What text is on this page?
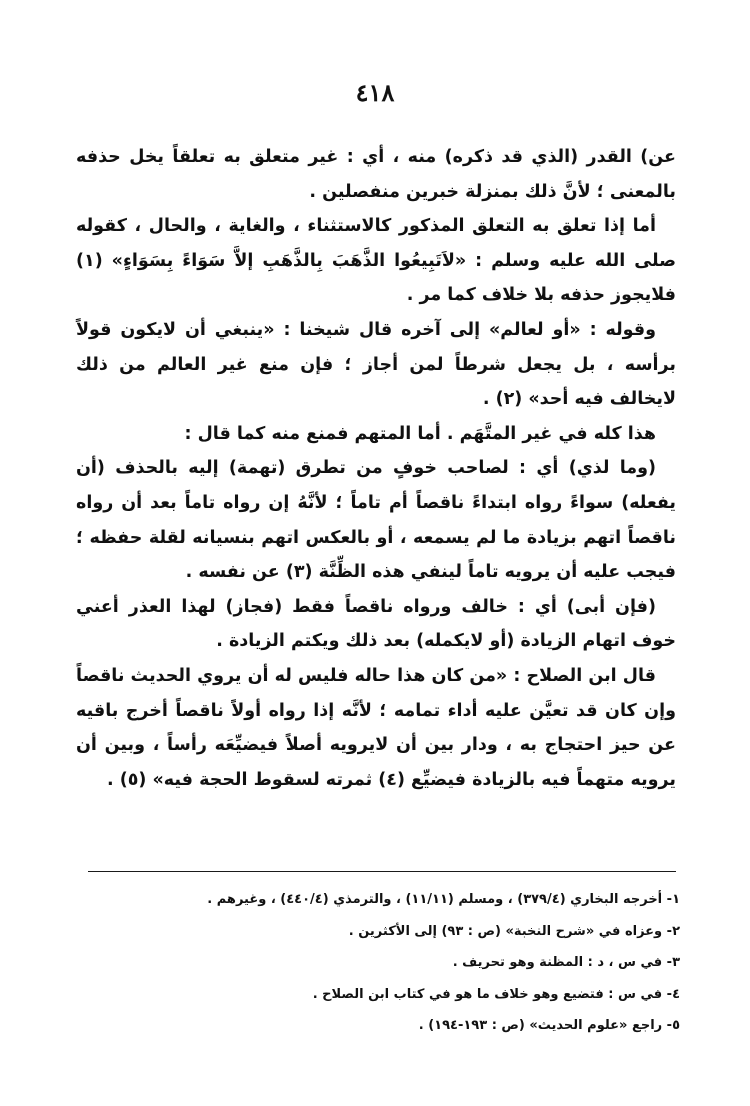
٤١٨
عن) القدر (الذي قد ذكره) منه ، أي : غير متعلق به تعلقاً يخل حذفه بالمعنى ؛ لأنَّ ذلك بمنزلة خبرين منفصلين .
أما إذا تعلق به التعلق المذكور كالاستثناء ، والغاية ، والحال ، كقوله صلى الله عليه وسلم : «لاَتَبِيعُوا الذَّهَبَ بِالذَّهَبِ إلاَّ سَوَاءً بِسَوَاءٍ» (١) فلايجوز حذفه بلا خلاف كما مر .
وقوله : «أو لعالم» إلى آخره قال شيخنا : «ينبغي أن لايكون قولاً برأسه ، بل يجعل شرطاً لمن أجاز ؛ فإن منع غير العالم من ذلك لايخالف فيه أحد» (٢) .
هذا كله في غير المتَّهَم . أما المتهم فمنع منه كما قال :
(وما لذي) أي : لصاحب خوفٍ من تطرق (تهمة) إليه بالحذف (أن يفعله) سواءً رواه ابتداءً ناقصاً أم تاماً ؛ لأنَّهُ إن رواه تاماً بعد أن رواه ناقصاً اتهم بزيادة ما لم يسمعه ، أو بالعكس اتهم بنسيانه لقلة حفظه ؛ فيجب عليه أن يرويه تاماً لينفي هذه الظِّنَّة (٣) عن نفسه .
(فإن أبى) أي : خالف ورواه ناقصاً فقط (فجاز) لهذا العذر أعني خوف اتهام الزيادة (أو لايكمله) بعد ذلك ويكتم الزيادة .
قال ابن الصلاح : «من كان هذا حاله فليس له أن يروي الحديث ناقصاً وإن كان قد تعيَّن عليه أداء تمامه ؛ لأنَّه إذا رواه أولاً ناقصاً أخرج باقيه عن حيز احتجاج به ، ودار بين أن لايرويه أصلاً فيضيِّعَه رأساً ، وبين أن يرويه متهماً فيه بالزيادة فيضيِّع (٤) ثمرته لسقوط الحجة فيه» (٥) .
١- أخرجه البخاري (٣٧٩/٤) ، ومسلم (١١/١١) ، والترمذي (٤٤٠/٤) ، وغيرهم .
٢- وعزاه في «شرح النخبة» (ص : ٩٣) إلى الأكثرين .
٣- في س ، د : المظنة وهو تحريف .
٤- في س : فتضيع وهو خلاف ما هو في كتاب ابن الصلاح .
٥- راجع «علوم الحديث» (ص : ١٩٣-١٩٤) .
